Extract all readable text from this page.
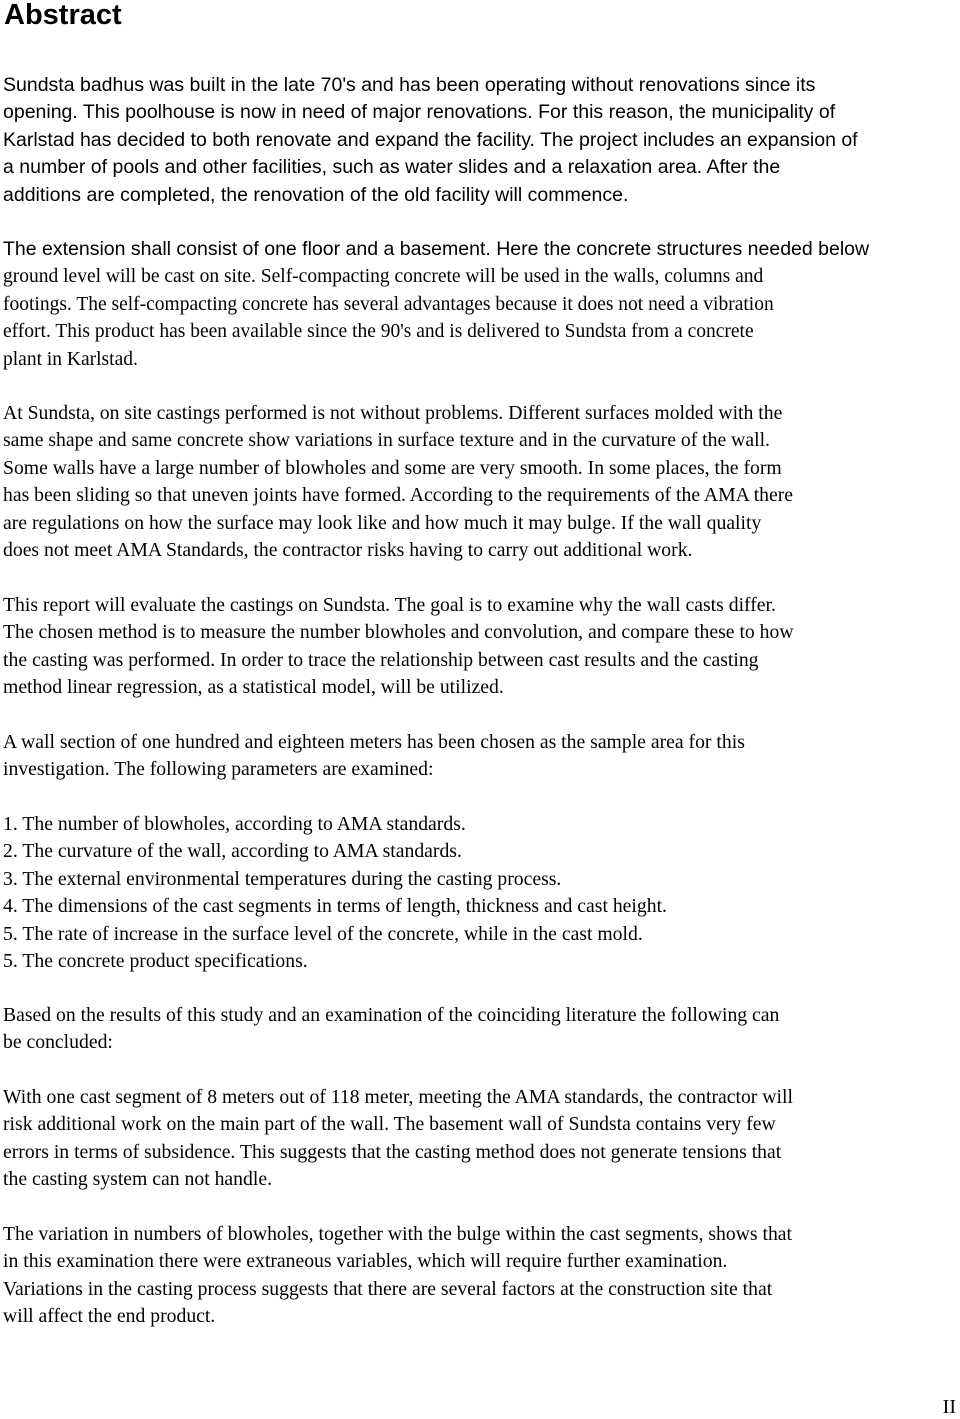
Abstract
Sundsta badhus was built in the late 70's and has been operating without renovations since its
opening. This poolhouse is now in need of major renovations. For this reason, the municipality of
Karlstad has decided to both renovate and expand the facility. The project includes an expansion of
a number of pools and other facilities, such as water slides and a relaxation area. After the
additions are completed, the renovation of the old facility will commence.
The extension shall consist of one floor and a basement. Here the concrete structures needed below
ground level will be cast on site. Self-compacting concrete will be used in the walls, columns and
footings. The self-compacting concrete has several advantages because it does not need a vibration
effort. This product has been available since the 90's and is delivered to Sundsta from a concrete
plant in Karlstad.
At Sundsta, on site castings performed is not without problems. Different surfaces molded with the
same shape and same concrete show variations in surface texture and in the curvature of the wall.
Some walls have a large number of blowholes and some are very smooth. In some places, the form
has been sliding so that uneven joints have formed. According to the requirements of the AMA there
are regulations on how the surface may look like and how much it may bulge. If the wall quality
does not meet AMA Standards, the contractor risks having to carry out additional work.
This report will evaluate the castings on Sundsta. The goal is to examine why the wall casts differ.
The chosen method is to measure the number blowholes and convolution, and compare these to how
the casting was performed. In order to trace the relationship between cast results and the casting
method linear regression, as a statistical model, will be utilized.
A wall section of one hundred and eighteen meters has been chosen as the sample area for this
investigation. The following parameters are examined:
1. The number of blowholes, according to AMA standards.
2. The curvature of the wall, according to AMA standards.
3. The external environmental temperatures during the casting process.
4. The dimensions of the cast segments in terms of length, thickness and cast height.
5. The rate of increase in the surface level of the concrete, while in the cast mold.
5. The concrete product specifications.
Based on the results of this study and an examination of the coinciding literature the following can
be concluded:
With one cast segment of 8 meters out of 118 meter, meeting the AMA standards, the contractor will
risk additional work on the main part of the wall. The basement wall of Sundsta contains very few
errors in terms of subsidence. This suggests that the casting method does not generate tensions that
the casting system can not handle.
The variation in numbers of blowholes, together with the bulge within the cast segments, shows that
in this examination there were extraneous variables, which will require further examination.
Variations in the casting process suggests that there are several factors at the construction site that
will affect the end product.
II
